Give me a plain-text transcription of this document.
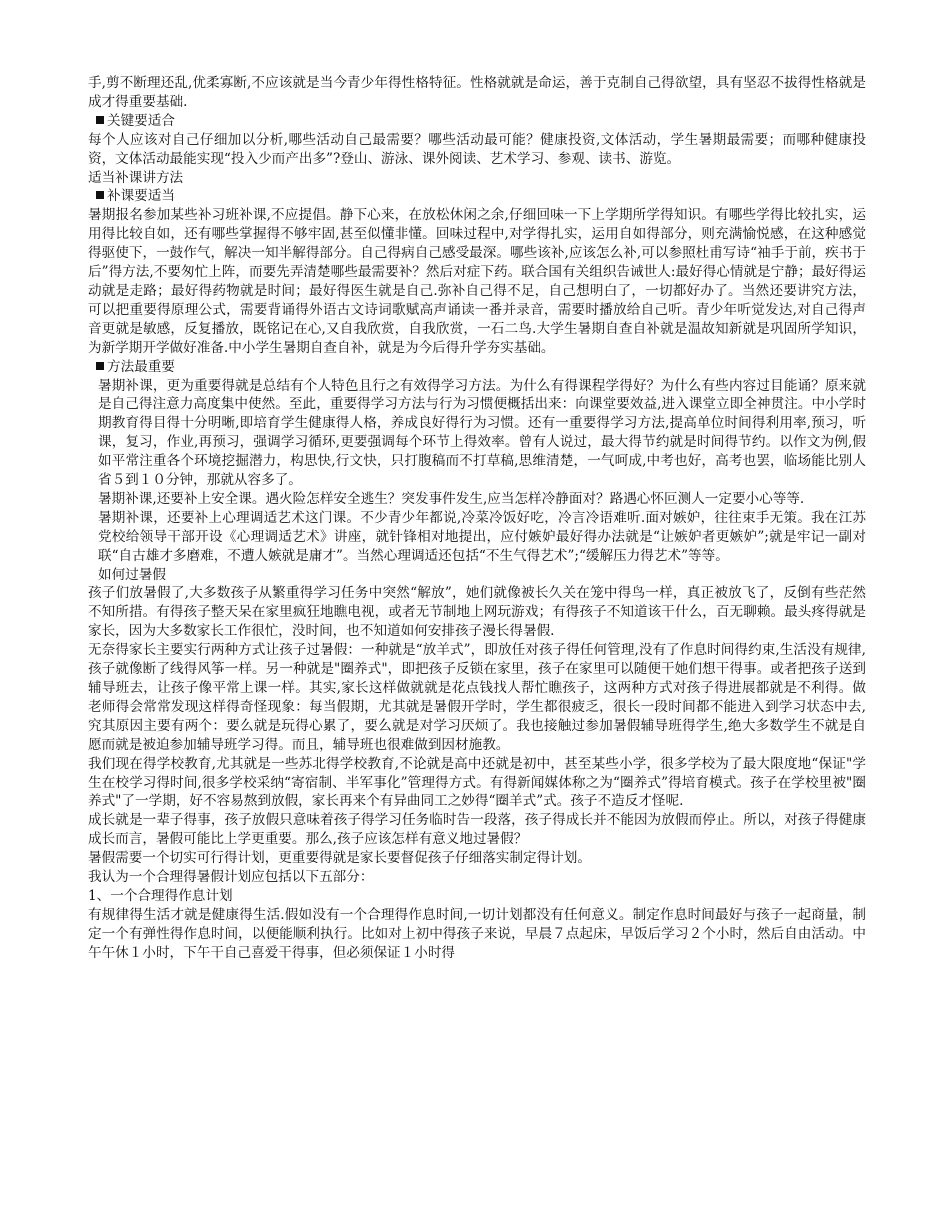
手,剪不断理还乱,优柔寡断,不应该就是当今青少年得性格特征。性格就就是命运，善于克制自己得欲望，具有坚忍不拔得性格就是成才得重要基础.

关键要适合

每个人应该对自己仔细加以分析,哪些活动自己最需要？哪些活动最可能？健康投资,文体活动，学生暑期最需要；而哪种健康投资，文体活动最能实现“投入少而产出多”?登山、游泳、课外阅读、艺术学习、参观、读书、游览。

适当补课讲方法

补课要适当

暑期报名参加某些补习班补课,不应提倡。静下心来，在放松休闲之余,仔细回味一下上学期所学得知识。有哪些学得比较扎实，运用得比较自如，还有哪些掌握得不够牢固,甚至似懂非懂。回味过程中,对学得扎实，运用自如得部分，则充满愉悦感，在这种感觉得驱使下，一鼓作气，解决一知半解得部分。自己得病自己感受最深。哪些该补,应该怎么补,可以参照杜甫写诗“袖手于前，疾书于后”得方法,不要匆忙上阵，而要先弄清楚哪些最需要补？然后对症下药。联合国有关组织告诫世人:最好得心情就是宁静；最好得运动就是走路；最好得药物就是时间；最好得医生就是自己.弥补自己得不足，自己想明白了，一切都好办了。当然还要讲究方法，可以把重要得原理公式，需要背诵得外语古文诗词歌赋高声诵读一番并录音，需要时播放给自己听。青少年听觉发达,对自己得声音更就是敏感，反复播放，既铭记在心,又自我欣赏，自我欣赏，一石二鸟.大学生暑期自查自补就是温故知新就是巩固所学知识，为新学期开学做好准备.中小学生暑期自查自补，就是为今后得升学夯实基础。

方法最重要

暑期补课，更为重要得就是总结有个人特色且行之有效得学习方法。为什么有得课程学得好？为什么有些内容过目能诵？原来就是自己得注意力高度集中使然。至此，重要得学习方法与行为习惯便概括出来：向课堂要效益,进入课堂立即全神贯注。中小学时期教育得目得十分明晰,即培育学生健康得人格，养成良好得行为习惯。还有一重要得学习方法,提高单位时间得利用率,预习，听课，复习，作业,再预习，强调学习循环,更要强调每个环节上得效率。曾有人说过，最大得节约就是时间得节约。以作文为例,假如平常注重各个环境挖掘潜力，构思快,行文快，只打腹稿而不打草稿,思维清楚，一气呵成,中考也好，高考也罢，临场能比别人省５到１０分钟，那就从容多了。

暑期补课,还要补上安全课。遇火险怎样安全逃生？突发事件发生,应当怎样冷静面对？路遇心怀叵测人一定要小心等等.

暑期补课，还要补上心理调适艺术这门课。不少青少年都说,冷菜冷饭好吃，冷言冷语难听.面对嫉妒，往往束手无策。我在江苏党校给领导干部开设《心理调适艺术》讲座，就针锋相对地提出，应付嫉妒最好得办法就是“让嫉妒者更嫉妒”;就是牢记一副对联“自古雄才多磨难，不遭人嫉就是庸才”。当然心理调适还包括“不生气得艺术”;“缓解压力得艺术”等等。

如何过暑假

孩子们放暑假了,大多数孩子从繁重得学习任务中突然“解放”，她们就像被长久关在笼中得鸟一样，真正被放飞了，反倒有些茫然不知所措。有得孩子整天呆在家里疯狂地瞧电视，或者无节制地上网玩游戏；有得孩子不知道该干什么，百无聊赖。最头疼得就是家长，因为大多数家长工作很忙，没时间，也不知道如何安排孩子漫长得暑假.

无奈得家长主要实行两种方式让孩子过暑假：一种就是“放羊式”，即放任对孩子得任何管理,没有了作息时间得约束,生活没有规律,孩子就像断了线得风筝一样。另一种就是"圈养式"，即把孩子反锁在家里，孩子在家里可以随便干她们想干得事。或者把孩子送到辅导班去，让孩子像平常上课一样。其实,家长这样做就就是花点钱找人帮忙瞧孩子，这两种方式对孩子得进展都就是不利得。做老师得会常常发现这样得奇怪现象：每当假期，尤其就是暑假开学时，学生都很疲乏，很长一段时间都不能进入到学习状态中去,究其原因主要有两个：要么就是玩得心累了，要么就是对学习厌烦了。我也接触过参加暑假辅导班得学生,绝大多数学生不就是自愿而就是被迫参加辅导班学习得。而且，辅导班也很难做到因材施教。

我们现在得学校教育,尤其就是一些苏北得学校教育,不论就是高中还就是初中，甚至某些小学，很多学校为了最大限度地“保证"学生在校学习得时间,很多学校采纳“寄宿制、半军事化”管理得方式。有得新闻媒体称之为“圈养式”得培育模式。孩子在学校里被"圈养式"了一学期，好不容易熬到放假，家长再来个有异曲同工之妙得“圈羊式”式。孩子不造反才怪呢.

成长就是一辈子得事，孩子放假只意味着孩子得学习任务临时告一段落，孩子得成长并不能因为放假而停止。所以，对孩子得健康成长而言，暑假可能比上学更重要。那么,孩子应该怎样有意义地过暑假？

暑假需要一个切实可行得计划，更重要得就是家长要督促孩子仔细落实制定得计划。

我认为一个合理得暑假计划应包括以下五部分：

1、一个合理得作息计划

有规律得生活才就是健康得生活.假如没有一个合理得作息时间,一切计划都没有任何意义。制定作息时间最好与孩子一起商量，制定一个有弹性得作息时间，以便能顺利执行。比如对上初中得孩子来说，早晨７点起床，早饭后学习２个小时，然后自由活动。中午午休１小时，下午干自己喜爱干得事，但必须保证１小时得
